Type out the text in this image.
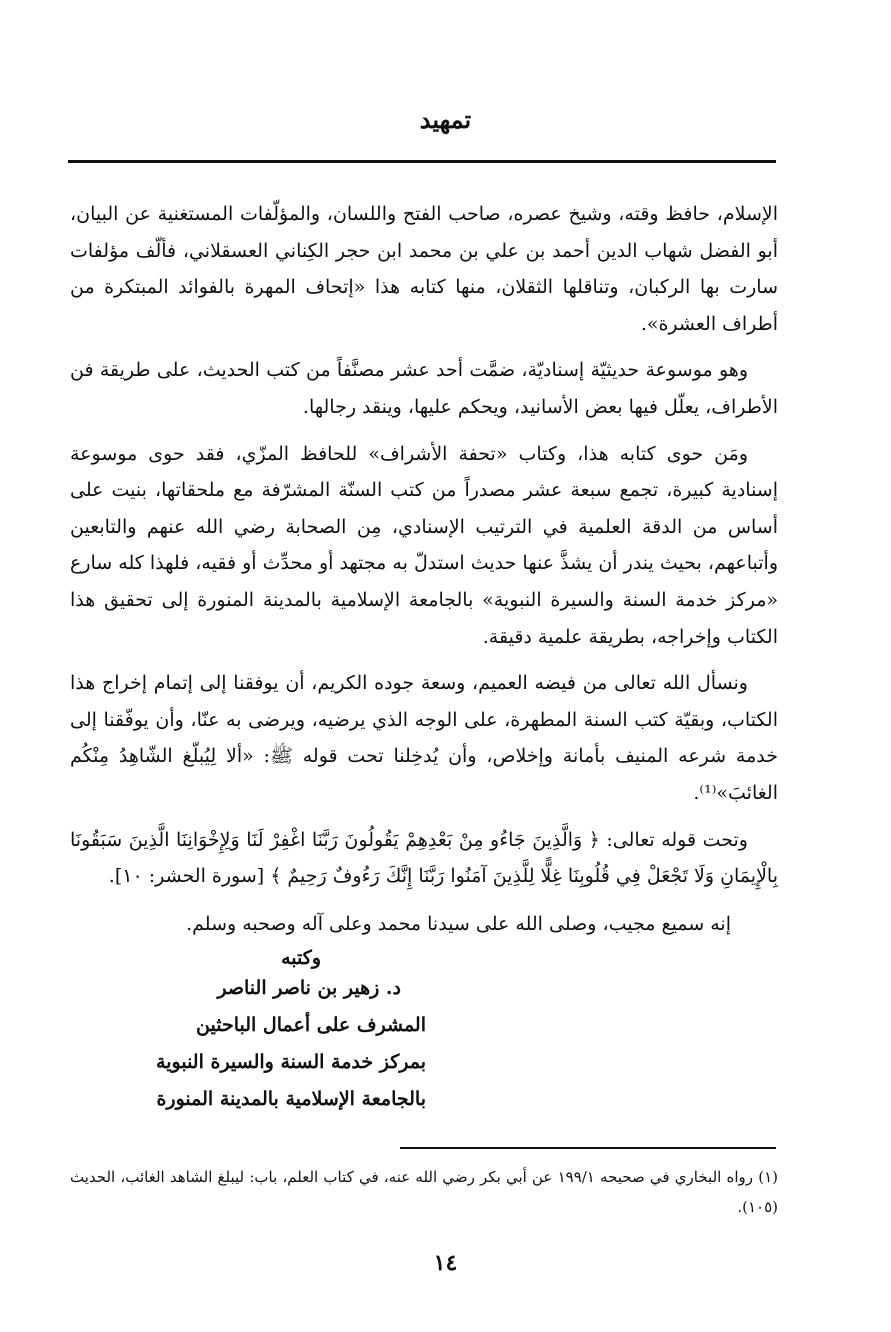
تمهيد

الإسلام، حافظ وقته، وشيخ عصره، صاحب الفتح واللسان، والمؤلّفات المستغنية عن البيان، أبو الفضل شهاب الدين أحمد بن علي بن محمد ابن حجر الكِناني العسقلاني، فألّف مؤلفات سارت بها الركبان، وتناقلها الثقلان، منها كتابه هذا «إتحاف المهرة بالفوائد المبتكرة من أطراف العشرة».

وهو موسوعة حديثيّة إسناديّة، ضمَّت أحد عشر مصنَّفاً من كتب الحديث، على طريقة فن الأطراف، يعلّل فيها بعض الأسانيد، ويحكم عليها، وينقد رجالها.

ومَن حوى كتابه هذا، وكتاب «تحفة الأشراف» للحافظ المزّي، فقد حوى موسوعة إسنادية كبيرة، تجمع سبعة عشر مصدراً من كتب السنّة المشرّفة مع ملحقاتها، بنيت على أساس من الدقة العلمية في الترتيب الإسنادي، مِن الصحابة رضي الله عنهم والتابعين وأتباعهم، بحيث يندر أن يشذَّ عنها حديث استدلّ به مجتهد أو محدِّث أو فقيه، فلهذا كله سارع «مركز خدمة السنة والسيرة النبوية» بالجامعة الإسلامية بالمدينة المنورة إلى تحقيق هذا الكتاب وإخراجه، بطريقة علمية دقيقة.

ونسأل الله تعالى من فيضه العميم، وسعة جوده الكريم، أن يوفقنا إلى إتمام إخراج هذا الكتاب، وبقيّة كتب السنة المطهرة، على الوجه الذي يرضيه، ويرضى به عنّا، وأن يوفّقنا إلى خدمة شرعه المنيف بأمانة وإخلاص، وأن يُدخِلنا تحت قوله ﷺ: «ألا لِيُبلّغ الشّاهِدُ مِنْكُم الغائبَ»⁽¹⁾.

وتحت قوله تعالى: ﴿ وَالَّذِينَ جَاءُو مِنْ بَعْدِهِمْ يَقُولُونَ رَبَّنَا اغْفِرْ لَنَا وَلِإِخْوَانِنَا الَّذِينَ سَبَقُونَا بِالْإِيمَانِ وَلَا تَجْعَلْ فِي قُلُوبِنَا غِلًّا لِلَّذِينَ آمَنُوا رَبَّنَا إِنَّكَ رَءُوفٌ رَحِيمٌ ﴾ [سورة الحشر: ١٠].

إنه سميع مجيب، وصلى الله على سيدنا محمد وعلى آله وصحبه وسلم.
وكتبه
د. زهير بن ناصر الناصر
المشرف على أعمال الباحثين
بمركز خدمة السنة والسيرة النبوية
بالجامعة الإسلامية بالمدينة المنورة
(١) رواه البخاري في صحيحه ١٩٩/١ عن أبي بكر رضي الله عنه، في كتاب العلم، باب: ليبلغ الشاهد الغائب، الحديث (١٠٥).
١٤
